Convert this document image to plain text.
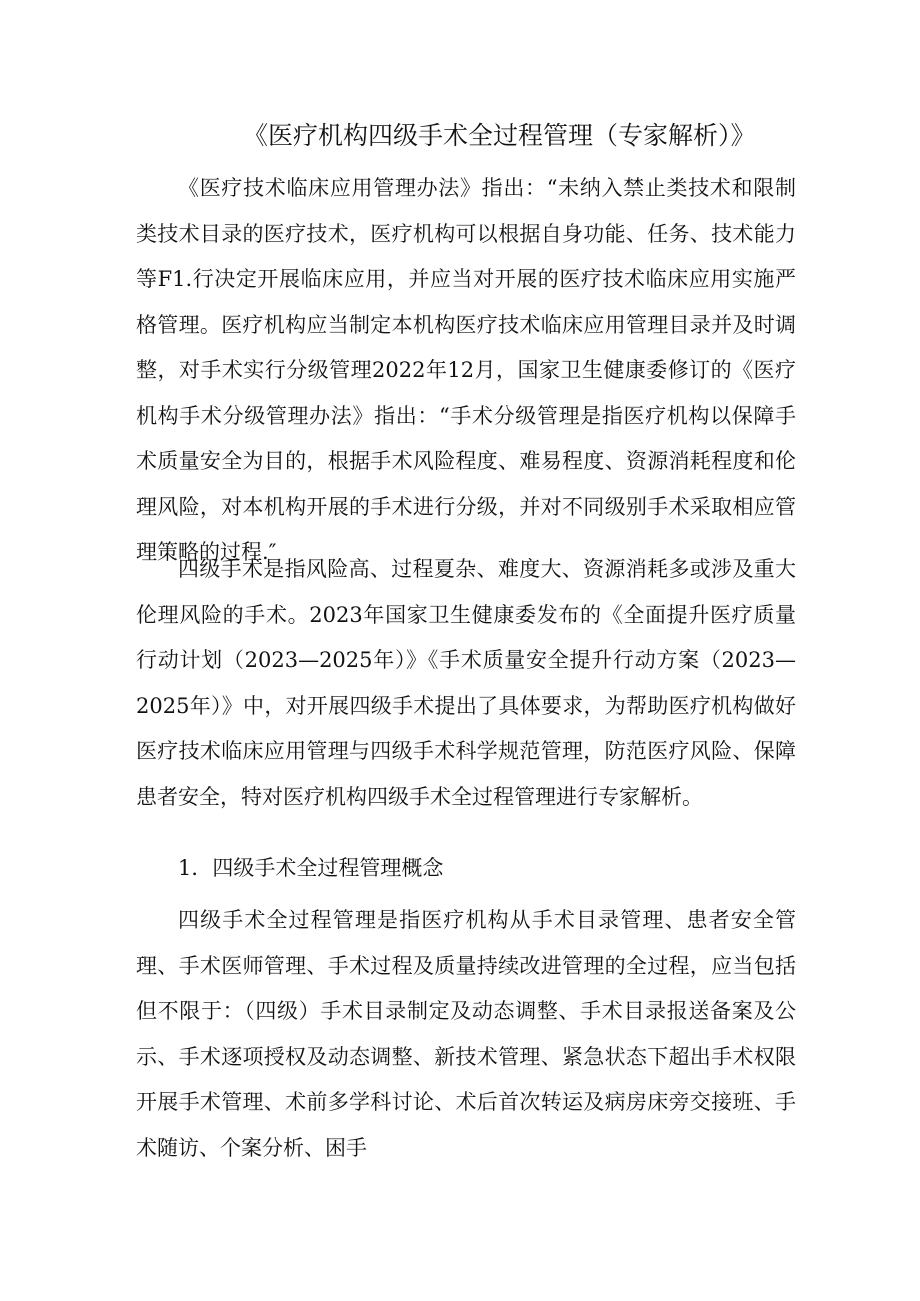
《医疗机构四级手术全过程管理（专家解析）》

《医疗技术临床应用管理办法》指出：“未纳入禁止类技术和限制类技术目录的医疗技术，医疗机构可以根据自身功能、任务、技术能力等F1.行决定开展临床应用，并应当对开展的医疗技术临床应用实施严格管理。医疗机构应当制定本机构医疗技术临床应用管理目录并及时调整，对手术实行分级管理2022年12月，国家卫生健康委修订的《医疗机构手术分级管理办法》指出：“手术分级管理是指医疗机构以保障手术质量安全为目的，根据手术风险程度、难易程度、资源消耗程度和伦理风险，对本机构开展的手术进行分级，并对不同级别手术采取相应管理策略的过程.″

四级手术是指风险高、过程夏杂、难度大、资源消耗多或涉及重大伦理风险的手术。2023年国家卫生健康委发布的《全面提升医疗质量行动计划（2023—2025年）》《手术质量安全提升行动方案（2023—2025年）》中，对开展四级手术提出了具体要求，为帮助医疗机构做好医疗技术临床应用管理与四级手术科学规范管理，防范医疗风险、保障患者安全，特对医疗机构四级手术全过程管理进行专家解析。

1．四级手术全过程管理概念

四级手术全过程管理是指医疗机构从手术目录管理、患者安全管理、手术医师管理、手术过程及质量持续改进管理的全过程，应当包括但不限于：（四级）手术目录制定及动态调整、手术目录报送备案及公示、手术逐项授权及动态调整、新技术管理、紧急状态下超出手术权限开展手术管理、术前多学科讨论、术后首次转运及病房床旁交接班、手术随访、个案分析、困手
